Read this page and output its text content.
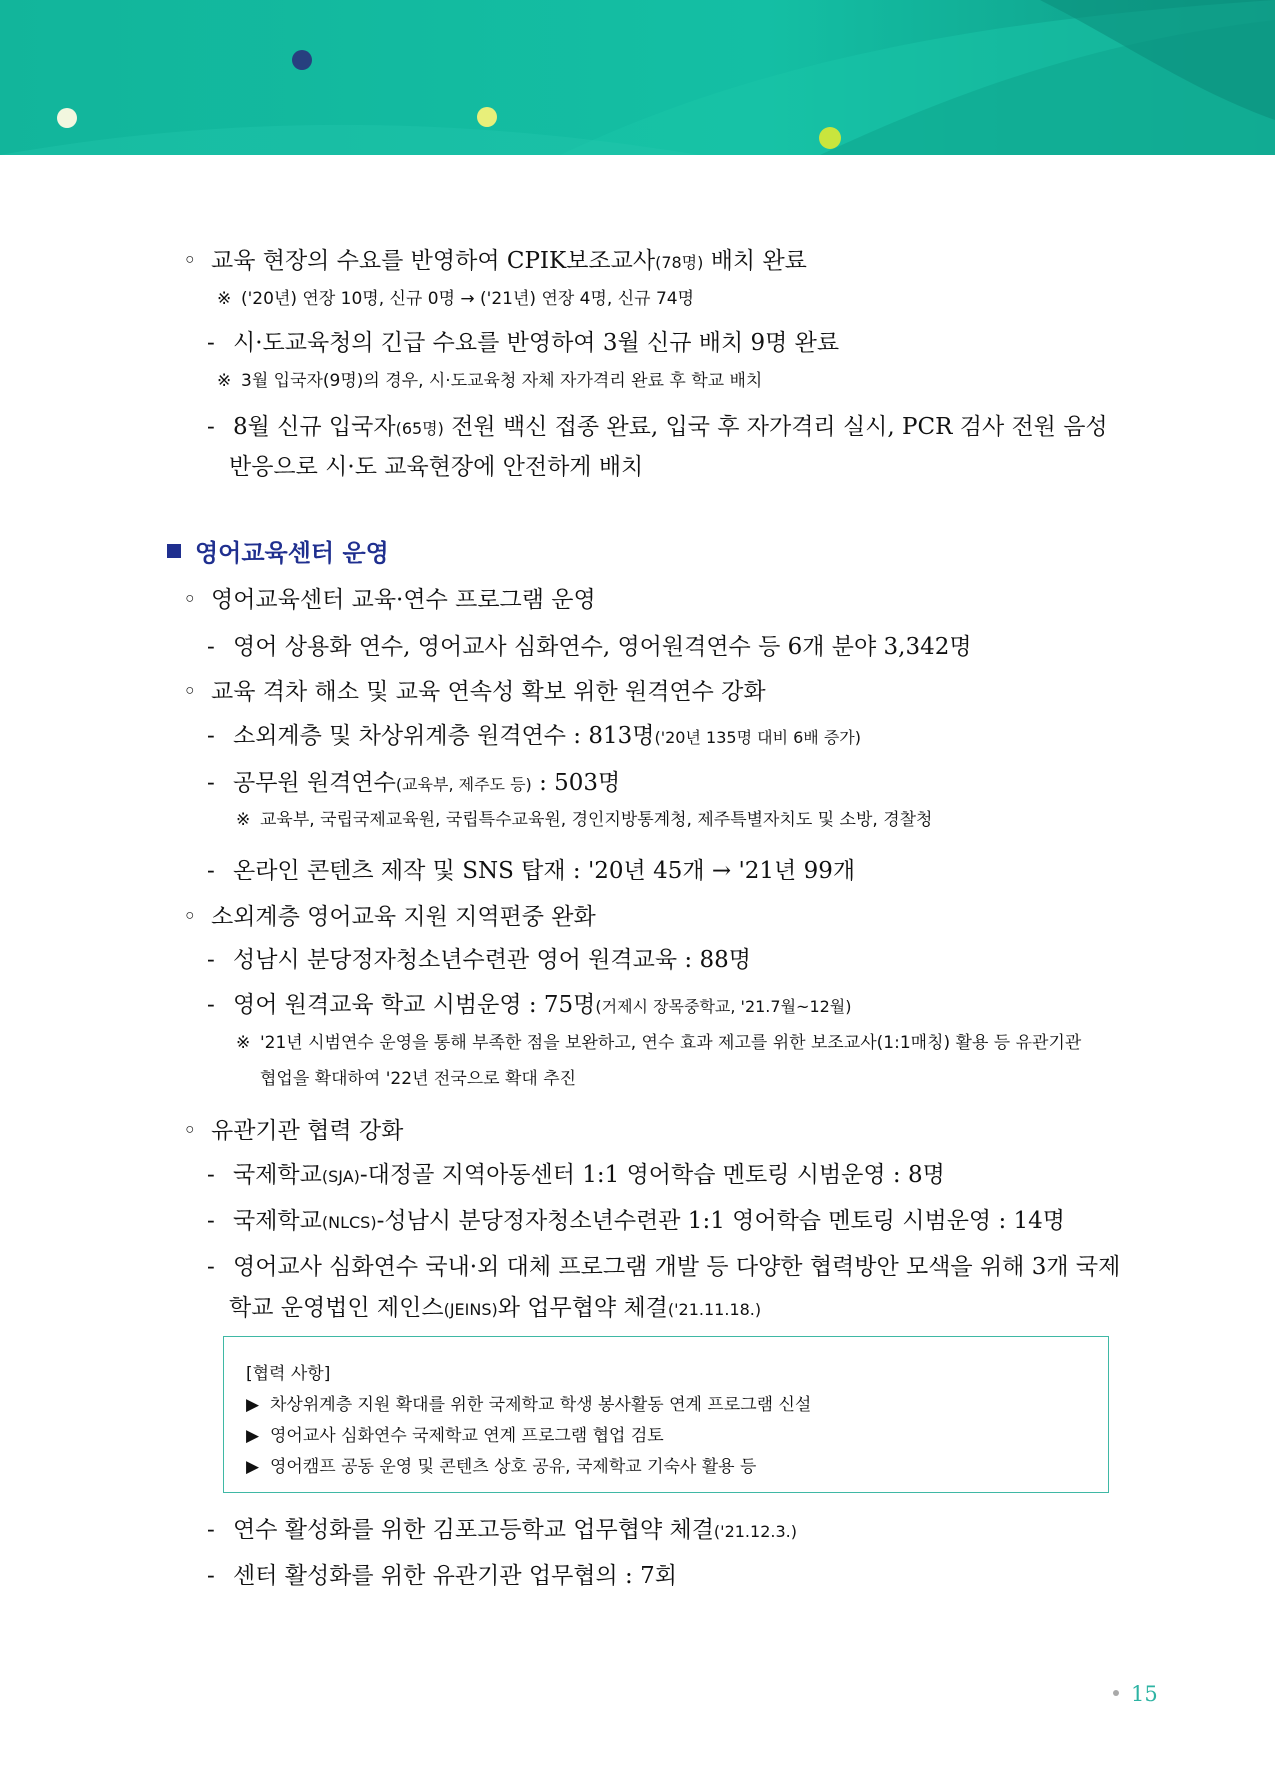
◦ 교육 현장의 수요를 반영하여 CPIK보조교사(78명) 배치 완료
※ ('20년) 연장 10명, 신규 0명 → ('21년) 연장 4명, 신규 74명
- 시·도교육청의 긴급 수요를 반영하여 3월 신규 배치 9명 완료
※ 3월 입국자(9명)의 경우, 시·도교육청 자체 자가격리 완료 후 학교 배치
- 8월 신규 입국자(65명) 전원 백신 접종 완료, 입국 후 자가격리 실시, PCR 검사 전원 음성
반응으로 시·도 교육현장에 안전하게 배치
영어교육센터 운영
◦ 영어교육센터 교육·연수 프로그램 운영
- 영어 상용화 연수, 영어교사 심화연수, 영어원격연수 등 6개 분야 3,342명
◦ 교육 격차 해소 및 교육 연속성 확보 위한 원격연수 강화
- 소외계층 및 차상위계층 원격연수 : 813명('20년 135명 대비 6배 증가)
- 공무원 원격연수(교육부, 제주도 등) : 503명
※ 교육부, 국립국제교육원, 국립특수교육원, 경인지방통계청, 제주특별자치도 및 소방, 경찰청
- 온라인 콘텐츠 제작 및 SNS 탑재 : '20년 45개 → '21년 99개
◦ 소외계층 영어교육 지원 지역편중 완화
- 성남시 분당정자청소년수련관 영어 원격교육 : 88명
- 영어 원격교육 학교 시범운영 : 75명(거제시 장목중학교, '21.7월~12월)
※ '21년 시범연수 운영을 통해 부족한 점을 보완하고, 연수 효과 제고를 위한 보조교사(1:1매칭) 활용 등 유관기관
협업을 확대하여 '22년 전국으로 확대 추진
◦ 유관기관 협력 강화
- 국제학교(SJA)-대정골 지역아동센터 1:1 영어학습 멘토링 시범운영 : 8명
- 국제학교(NLCS)-성남시 분당정자청소년수련관 1:1 영어학습 멘토링 시범운영 : 14명
- 영어교사 심화연수 국내·외 대체 프로그램 개발 등 다양한 협력방안 모색을 위해 3개 국제
학교 운영법인 제인스(JEINS)와 업무협약 체결('21.11.18.)
[협력 사항]
▶ 차상위계층 지원 확대를 위한 국제학교 학생 봉사활동 연계 프로그램 신설
▶ 영어교사 심화연수 국제학교 연계 프로그램 협업 검토
▶ 영어캠프 공동 운영 및 콘텐츠 상호 공유, 국제학교 기숙사 활용 등
- 연수 활성화를 위한 김포고등학교 업무협약 체결('21.12.3.)
- 센터 활성화를 위한 유관기관 업무협의 : 7회
15
